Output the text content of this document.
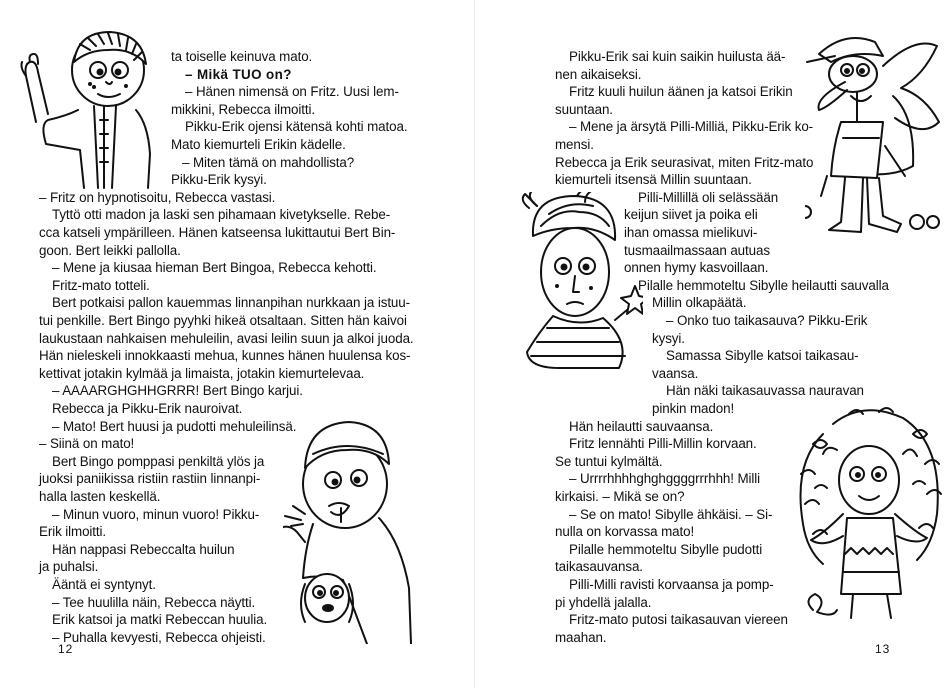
ta toiselle keinuva mato.
– Mikä TUO on?
– Hänen nimensä on Fritz. Uusi lem-
mikkini, Rebecca ilmoitti.
Pikku-Erik ojensi kätensä kohti matoa.
Mato kiemurteli Erikin kädelle.
– Miten tämä on mahdollista?
Pikku-Erik kysyi.
– Fritz on hypnotisoitu, Rebecca vastasi.
Tyttö otti madon ja laski sen pihamaan kivetykselle. Rebe-
cca katseli ympärilleen. Hänen katseensa lukittautui Bert Bin-
goon. Bert leikki pallolla.
– Mene ja kiusaa hieman Bert Bingoa, Rebecca kehotti.
Fritz-mato totteli.
Bert potkaisi pallon kauemmas linnanpihan nurkkaan ja istuu-
tui penkille. Bert Bingo pyyhki hikeä otsaltaan. Sitten hän kaivoi
laukustaan nahkaisen mehuleilin, avasi leilin suun ja alkoi juoda.
Hän nieleskeli innokkaasti mehua, kunnes hänen huulensa kos-
kettivat jotakin kylmää ja limaista, jotakin kiemurtelevaa.
– AAAARGHGHHGRRR! Bert Bingo karjui.
Rebecca ja Pikku-Erik nauroivat.
– Mato! Bert huusi ja pudotti mehuleilinsä.
– Siinä on mato!
Bert Bingo pomppasi penkiltä ylös ja
juoksi paniikissa ristiin rastiin linnanpi-
halla lasten keskellä.
– Minun vuoro, minun vuoro! Pikku-
Erik ilmoitti.
Hän nappasi Rebeccalta huilun
ja puhalsi.
Ääntä ei syntynyt.
– Tee huulilla näin, Rebecca näytti.
Erik katsoi ja matki Rebeccan huulia.
– Puhalla kevyesti, Rebecca ohjeisti.
12
Pikku-Erik sai kuin saikin huilusta ää-
nen aikaiseksi.
Fritz kuuli huilun äänen ja katsoi Erikin
suuntaan.
– Mene ja ärsytä Pilli-Milliä, Pikku-Erik ko-
mensi.
Rebecca ja Erik seurasivat, miten Fritz-mato
kiemurteli itsensä Millin suuntaan.
Pilli-Millillä oli selässään
keijun siivet ja poika eli
ihan omassa mielikuvi-
tusmaailmassaan autuas
onnen hymy kasvoillaan.
Pilalle hemmoteltu Sibylle heilautti sauvalla
Millin olkapäätä.
– Onko tuo taikasauva? Pikku-Erik
kysyi.
Samassa Sibylle katsoi taikasau-
vaansa.
Hän näki taikasauvassa nauravan
pinkin madon!
Hän heilautti sauvaansa.
Fritz lennähti Pilli-Millin korvaan.
Se tuntui kylmältä.
– Urrrrhhhhghghggggrrrhhh! Milli
kirkaisi. – Mikä se on?
– Se on mato! Sibylle ähkäisi. – Si-
nulla on korvassa mato!
Pilalle hemmoteltu Sibylle pudotti
taikasauvansa.
Pilli-Milli ravisti korvaansa ja pomp-
pi yhdellä jalalla.
Fritz-mato putosi taikasauvan viereen
maahan.
13
